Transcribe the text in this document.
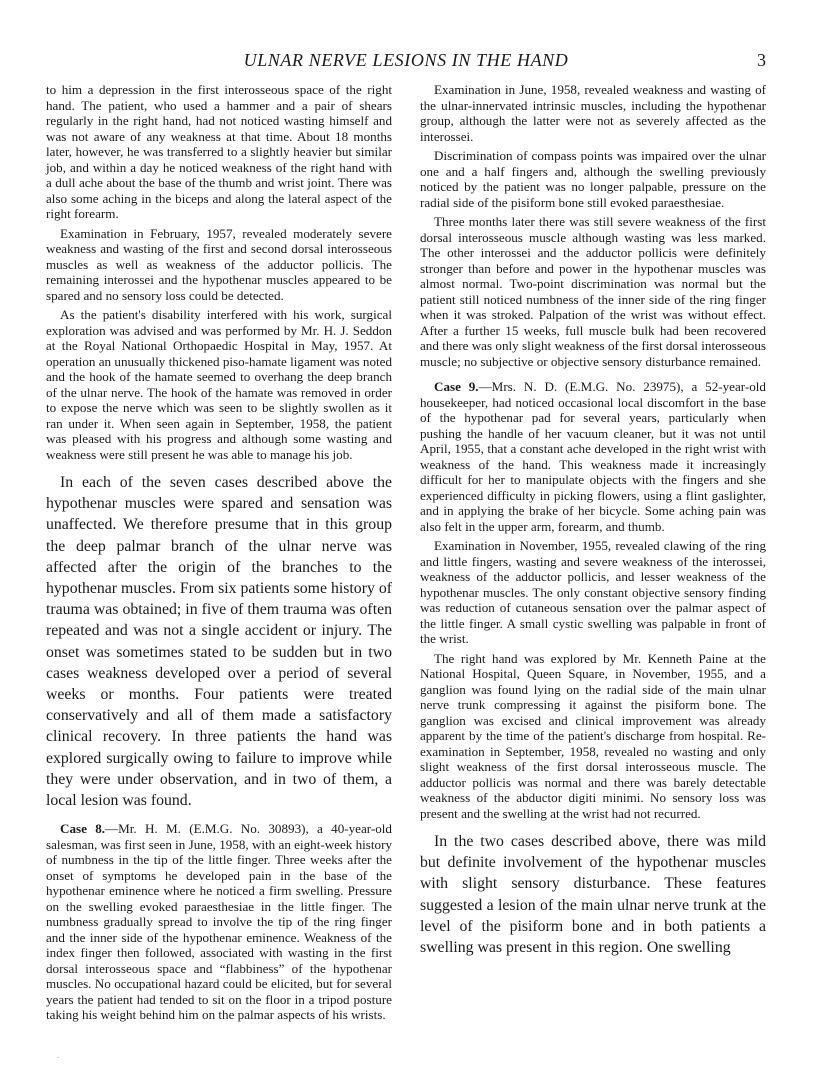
ULNAR NERVE LESIONS IN THE HAND	3

to him a depression in the first interosseous space of the right hand. The patient, who used a hammer and a pair of shears regularly in the right hand, had not noticed wasting himself and was not aware of any weakness at that time. About 18 months later, however, he was transferred to a slightly heavier but similar job, and within a day he noticed weakness of the right hand with a dull ache about the base of the thumb and wrist joint. There was also some aching in the biceps and along the lateral aspect of the right forearm.

Examination in February, 1957, revealed moderately severe weakness and wasting of the first and second dorsal interosseous muscles as well as weakness of the adductor pollicis. The remaining interossei and the hypothenar muscles appeared to be spared and no sensory loss could be detected.

As the patient's disability interfered with his work, surgical exploration was advised and was performed by Mr. H. J. Seddon at the Royal National Orthopaedic Hospital in May, 1957. At operation an unusually thickened piso-hamate ligament was noted and the hook of the hamate seemed to overhang the deep branch of the ulnar nerve. The hook of the hamate was removed in order to expose the nerve which was seen to be slightly swollen as it ran under it. When seen again in September, 1958, the patient was pleased with his progress and although some wasting and weakness were still present he was able to manage his job.

In each of the seven cases described above the hypothenar muscles were spared and sensation was unaffected. We therefore presume that in this group the deep palmar branch of the ulnar nerve was affected after the origin of the branches to the hypothenar muscles. From six patients some history of trauma was obtained; in five of them trauma was often repeated and was not a single accident or injury. The onset was sometimes stated to be sudden but in two cases weakness developed over a period of several weeks or months. Four patients were treated conservatively and all of them made a satisfactory clinical recovery. In three patients the hand was explored surgically owing to failure to improve while they were under observation, and in two of them, a local lesion was found.

Case 8.—Mr. H. M. (E.M.G. No. 30893), a 40-year-old salesman, was first seen in June, 1958, with an eight-week history of numbness in the tip of the little finger. Three weeks after the onset of symptoms he developed pain in the base of the hypothenar eminence where he noticed a firm swelling. Pressure on the swelling evoked paraesthesiae in the little finger. The numbness gradually spread to involve the tip of the ring finger and the inner side of the hypothenar eminence. Weakness of the index finger then followed, associated with wasting in the first dorsal interosseous space and “flabbiness” of the hypothenar muscles. No occupational hazard could be elicited, but for several years the patient had tended to sit on the floor in a tripod posture taking his weight behind him on the palmar aspects of his wrists.

Examination in June, 1958, revealed weakness and wasting of the ulnar-innervated intrinsic muscles, including the hypothenar group, although the latter were not as severely affected as the interossei.

Discrimination of compass points was impaired over the ulnar one and a half fingers and, although the swelling previously noticed by the patient was no longer palpable, pressure on the radial side of the pisiform bone still evoked paraesthesiae.

Three months later there was still severe weakness of the first dorsal interosseous muscle although wasting was less marked. The other interossei and the adductor pollicis were definitely stronger than before and power in the hypothenar muscles was almost normal. Two-point discrimination was normal but the patient still noticed numbness of the inner side of the ring finger when it was stroked. Palpation of the wrist was without effect. After a further 15 weeks, full muscle bulk had been recovered and there was only slight weakness of the first dorsal interosseous muscle; no subjective or objective sensory disturbance remained.

Case 9.—Mrs. N. D. (E.M.G. No. 23975), a 52-year-old housekeeper, had noticed occasional local discomfort in the base of the hypothenar pad for several years, particularly when pushing the handle of her vacuum cleaner, but it was not until April, 1955, that a constant ache developed in the right wrist with weakness of the hand. This weakness made it increasingly difficult for her to manipulate objects with the fingers and she experienced difficulty in picking flowers, using a flint gaslighter, and in applying the brake of her bicycle. Some aching pain was also felt in the upper arm, forearm, and thumb.

Examination in November, 1955, revealed clawing of the ring and little fingers, wasting and severe weakness of the interossei, weakness of the adductor pollicis, and lesser weakness of the hypothenar muscles. The only constant objective sensory finding was reduction of cutaneous sensation over the palmar aspect of the little finger. A small cystic swelling was palpable in front of the wrist.

The right hand was explored by Mr. Kenneth Paine at the National Hospital, Queen Square, in November, 1955, and a ganglion was found lying on the radial side of the main ulnar nerve trunk compressing it against the pisiform bone. The ganglion was excised and clinical improvement was already apparent by the time of the patient's discharge from hospital. Re-examination in September, 1958, revealed no wasting and only slight weakness of the first dorsal interosseous muscle. The adductor pollicis was normal and there was barely detectable weakness of the abductor digiti minimi. No sensory loss was present and the swelling at the wrist had not recurred.

In the two cases described above, there was mild but definite involvement of the hypothenar muscles with slight sensory disturbance. These features suggested a lesion of the main ulnar nerve trunk at the level of the pisiform bone and in both patients a swelling was present in this region. One swelling

.
